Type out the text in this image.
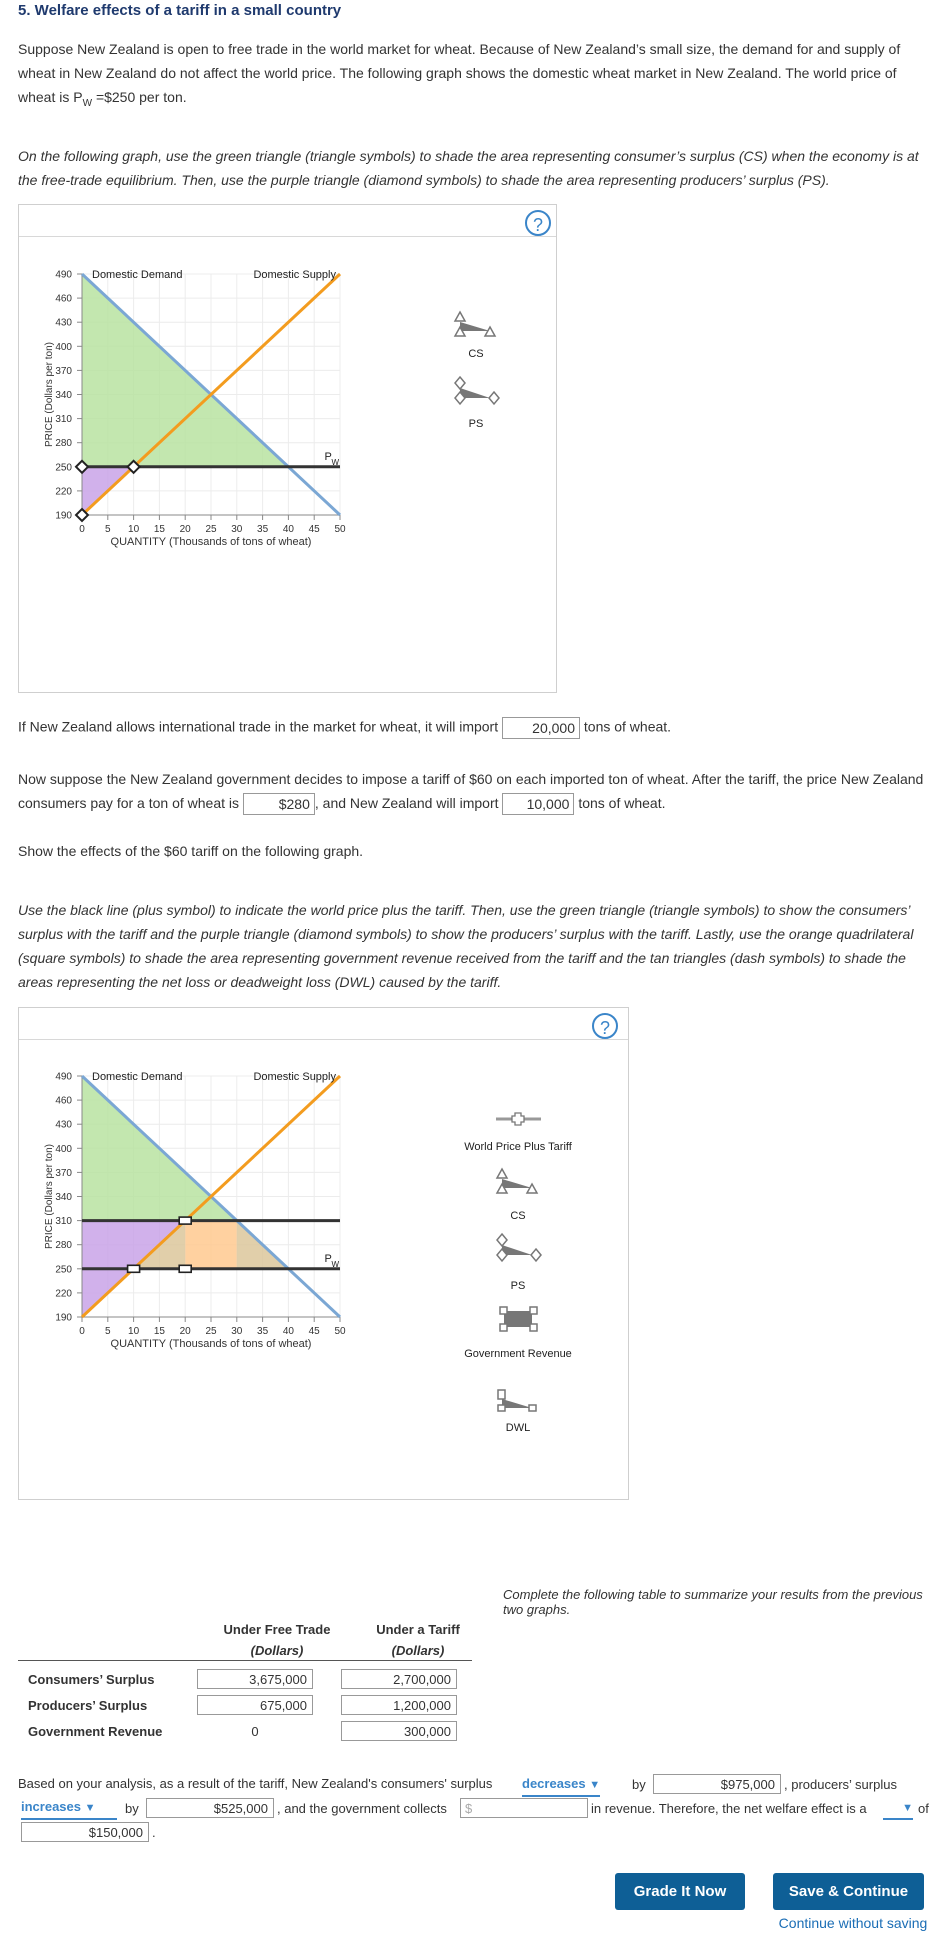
5. Welfare effects of a tariff in a small country
Suppose New Zealand is open to free trade in the world market for wheat. Because of New Zealand’s small size, the demand for and supply of wheat in New Zealand do not affect the world price. The following graph shows the domestic wheat market in New Zealand. The world price of wheat is $P_W$ =$250 per ton.
On the following graph, use the green triangle (triangle symbols) to shade the area representing consumer’s surplus (CS) when the economy is at the free-trade equilibrium. Then, use the purple triangle (diamond symbols) to shade the area representing producers’ surplus (PS).
?
0 5 10 15 20 25 30 35 40 45 50
190
220
250
280
310
340
370
400
430
460
490 Domestic Demand	Domestic Supply
P W
PRICE (Dollars per ton)
QUANTITY (Thousands of tons of wheat)
CS
PS
If New Zealand allows international trade in the market for wheat, it will import 20,000 tons of wheat.
Now suppose the New Zealand government decides to impose a tariff of $60 on each imported ton of wheat. After the tariff, the price New Zealand
consumers pay for a ton of wheat is	$280 , and New Zealand will import 10,000 tons of wheat.
Show the effects of the $60 tariff on the following graph.
Use the black line (plus symbol) to indicate the world price plus the tariff. Then, use the green triangle (triangle symbols) to show the consumers’ surplus with the tariff and the purple triangle (diamond symbols) to show the producers’ surplus with the tariff. Lastly, use the orange quadrilateral (square symbols) to shade the area representing government revenue received from the tariff and the tan triangles (dash symbols) to shade the areas representing the net loss or deadweight loss (DWL) caused by the tariff.
?
0 5 10 15 20 25 30 35 40 45 50
190
220
250
280
310
340
370
400
430
460
490 Domestic Demand	Domestic Supply
P W
PRICE (Dollars per ton)
QUANTITY (Thousands of tons of wheat)
World Price Plus Tariff
CS
PS
Government Revenue
DWL
Complete the following table to summarize your results from the previous two graphs.
Under Free Trade
(Dollars)
Under a Tariff
(Dollars)
Consumers’ Surplus	3,675,000	2,700,000
Producers’ Surplus	675,000	1,200,000
Government Revenue	0	300,000
Based on your analysis, as a result of the tariff, New Zealand's consumers' surplus decreases ▼ by	$975,000 , producers’ surplus
increases ▼	by	$525,000 , and the government collects	$	in revenue. Therefore, the net welfare effect is a	▼ of
$150,000 .
Grade It Now	Save & Continue
Continue without saving
